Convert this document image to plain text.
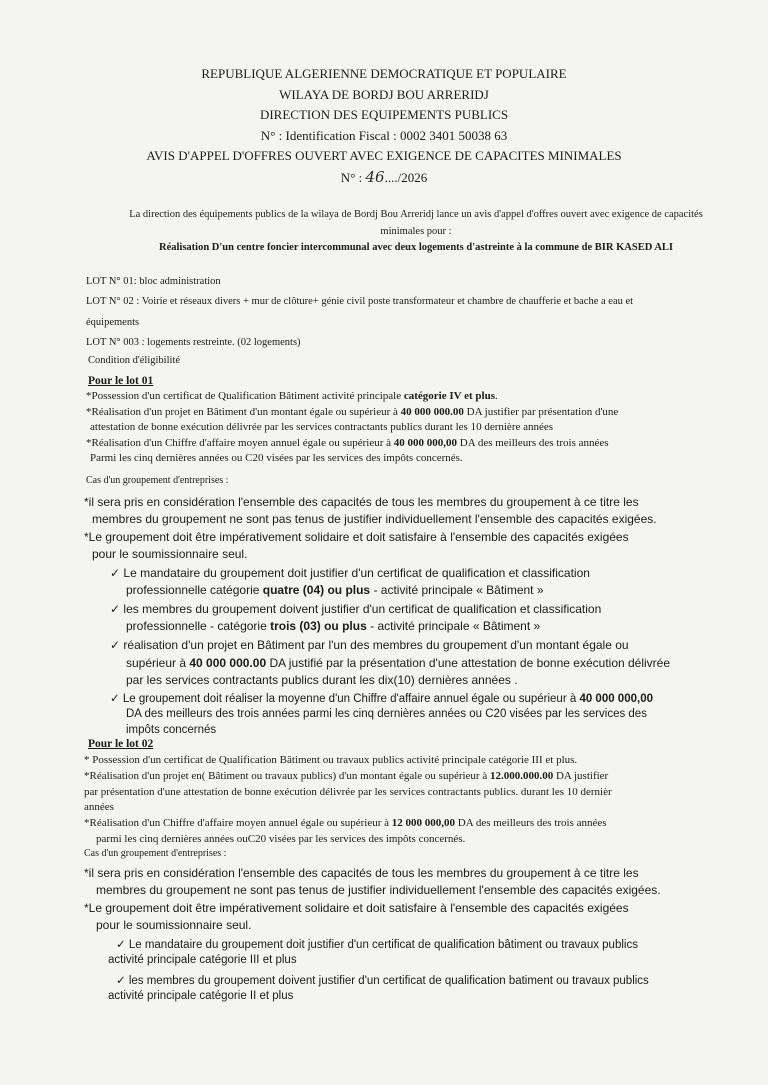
REPUBLIQUE ALGERIENNE DEMOCRATIQUE ET POPULAIRE
WILAYA DE BORDJ BOU ARRERIDJ
DIRECTION DES EQUIPEMENTS PUBLICS
N° : Identification Fiscal : 0002 3401 50038 63
AVIS D'APPEL D'OFFRES OUVERT AVEC EXIGENCE DE CAPACITES MINIMALES
N° : 46..../2026
La direction des équipements publics de la wilaya de Bordj Bou Arreridj lance un avis d'appel d'offres ouvert avec exigence de capacités
minimales pour :
Réalisation D'un centre foncier intercommunal avec deux logements d'astreinte à la commune de BIR KASED ALI
LOT N° 01: bloc administration
LOT N° 02 : Voirie et réseaux divers + mur de clôture+ génie civil poste transformateur et chambre de chaufferie et bache a eau et
équipements
LOT N° 003 : logements restreinte. (02 logements)
Condition d'éligibilité
Pour le lot 01
*Possession d'un certificat de Qualification Bâtiment activité principale catégorie IV et plus.
*Réalisation d'un projet en Bâtiment d'un montant égale ou supérieur à 40 000 000.00 DA justifier par présentation d'une
attestation de bonne exécution délivrée par les services contractants publics durant les 10 dernière années
*Réalisation d'un Chiffre d'affaire moyen annuel égale ou supérieur à 40 000 000,00 DA des meilleurs des trois années
Parmi les cinq dernières années ou C20 visées par les services des impôts concernés.
Cas d'un groupement d'entreprises :
*il sera pris en considération l'ensemble des capacités de tous les membres du groupement à ce titre les
membres du groupement ne sont pas tenus de justifier individuellement l'ensemble des capacités exigées.
*Le groupement doit être impérativement solidaire et doit satisfaire à l'ensemble des capacités exigées
pour le soumissionnaire seul.
✓ Le mandataire du groupement doit justifier d'un certificat de qualification et classification
professionnelle catégorie quatre (04) ou plus - activité principale « Bâtiment »
✓ les membres du groupement doivent justifier d'un certificat de qualification et classification
professionnelle - catégorie trois (03) ou plus - activité principale « Bâtiment »
✓ réalisation d'un projet en Bâtiment par l'un des membres du groupement d'un montant égale ou
supérieur à 40 000 000.00 DA justifié par la présentation d'une attestation de bonne exécution délivrée
par les services contractants publics durant les dix(10) dernières années .
✓ Le groupement doit réaliser la moyenne d'un Chiffre d'affaire annuel égale ou supérieur à 40 000 000,00
DA des meilleurs des trois années parmi les cinq dernières années ou C20 visées par les services des
impôts concernés
Pour le lot 02
* Possession d'un certificat de Qualification Bâtiment ou travaux publics activité principale catégorie III et plus.
*Réalisation d'un projet en( Bâtiment ou travaux publics) d'un montant égale ou supérieur à 12.000.000.00 DA justifier
par présentation d'une attestation de bonne exécution délivrée par les services contractants publics. durant les 10 dernièr
années
*Réalisation d'un Chiffre d'affaire moyen annuel égale ou supérieur à 12 000 000,00 DA des meilleurs des trois années
parmi les cinq dernières années ouC20 visées par les services des impôts concernés.
Cas d'un groupement d'entreprises :
*il sera pris en considération l'ensemble des capacités de tous les membres du groupement à ce titre les
membres du groupement ne sont pas tenus de justifier individuellement l'ensemble des capacités exigées.
*Le groupement doit être impérativement solidaire et doit satisfaire à l'ensemble des capacités exigées
pour le soumissionnaire seul.
✓ Le mandataire du groupement doit justifier d'un certificat de qualification bâtiment ou travaux publics
activité principale catégorie III et plus
✓ les membres du groupement doivent justifier d'un certificat de qualification batiment ou travaux publics
activité principale catégorie II et plus
